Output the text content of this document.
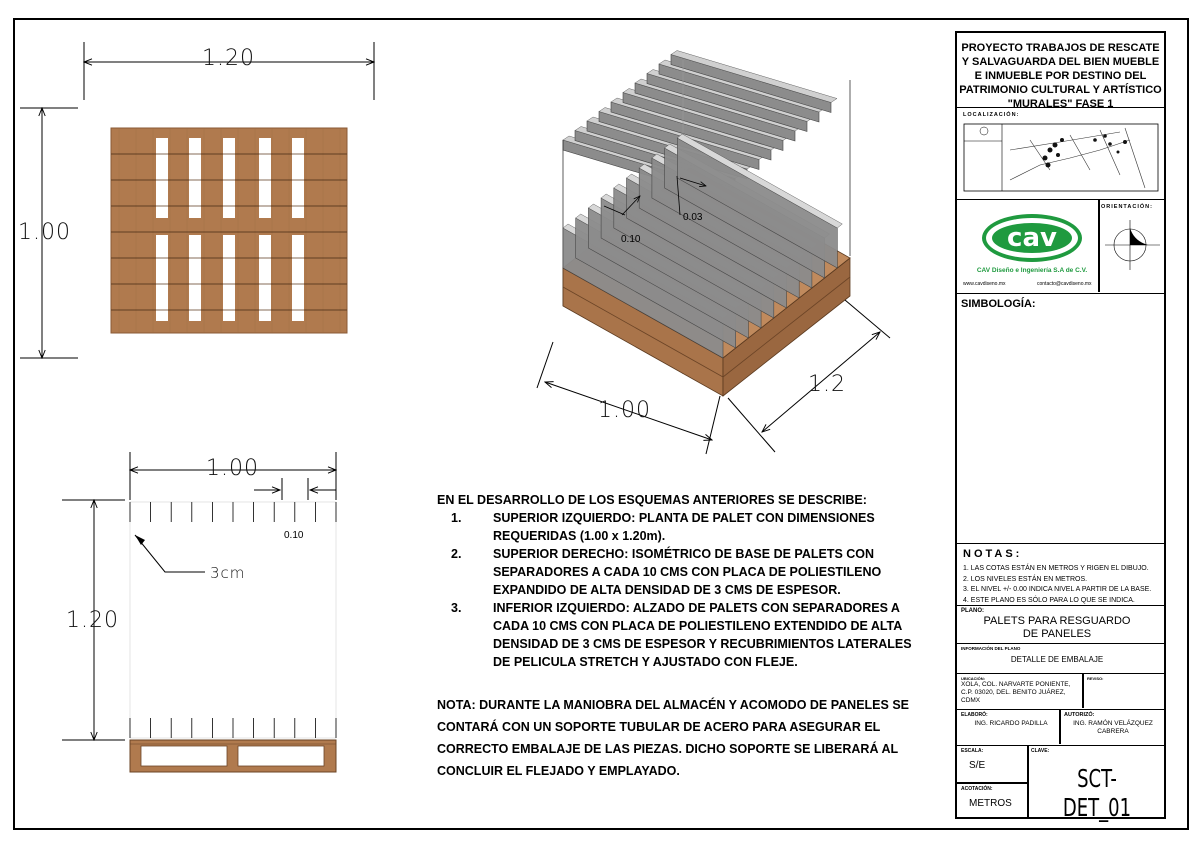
1.20
1.00
1.00
1.2
0.10
0.03
1.00
1.20
0.10
3cm
EN EL DESARROLLO DE LOS ESQUEMAS ANTERIORES SE DESCRIBE:
1.	SUPERIOR IZQUIERDO: PLANTA DE PALET CON DIMENSIONES REQUERIDAS (1.00 x 1.20m).
2.	SUPERIOR DERECHO: ISOMÉTRICO DE BASE DE PALETS CON SEPARADORES A CADA 10 CMS CON PLACA DE POLIESTILENO EXPANDIDO DE ALTA DENSIDAD DE 3 CMS DE ESPESOR.
3.	INFERIOR IZQUIERDO: ALZADO DE PALETS CON SEPARADORES A CADA 10 CMS CON PLACA DE POLIESTILENO EXTENDIDO DE ALTA DENSIDAD DE 3 CMS DE ESPESOR Y RECUBRIMIENTOS LATERALES DE PELICULA STRETCH Y AJUSTADO CON FLEJE.
NOTA: DURANTE LA MANIOBRA DEL ALMACÉN Y ACOMODO DE PANELES SE CONTARÁ CON UN SOPORTE TUBULAR DE ACERO PARA ASEGURAR EL CORRECTO EMBALAJE DE LAS PIEZAS. DICHO SOPORTE SE LIBERARÁ AL CONCLUIR EL FLEJADO Y EMPLAYADO.
PROYECTO TRABAJOS DE RESCATE Y SALVAGUARDA DEL BIEN MUEBLE E INMUEBLE POR DESTINO DEL PATRIMONIO CULTURAL Y ARTÍSTICO "MURALES" FASE 1
LOCALIZACIÓN:
ORIENTACIÓN:
cav
CAV Diseño e Ingeniería S.A de C.V.
www.cavdiseno.mx	contacto@cavdiseno.mx
SIMBOLOGÍA:
NOTAS:
1. LAS COTAS ESTÁN EN METROS Y RIGEN EL DIBUJO.
2. LOS NIVELES ESTÁN EN METROS.
3. EL NIVEL +/- 0.00 INDICA NIVEL A PARTIR DE LA BASE.
4. ESTE PLANO ES SÓLO PARA LO QUE SE INDICA.
PLANO:
PALETS PARA RESGUARDO DE PANELES
INFORMACIÓN DEL PLANO
DETALLE DE EMBALAJE
UBICACIÓN:
XOLA, COL. NARVARTE PONIENTE, C.P. 03020, DEL. BENITO JUÁREZ, CDMX
REVISO:
ELABORÓ:
ING. RICARDO PADILLA
AUTORIZÓ:
ING. RAMÓN VELÁZQUEZ CABRERA
ESCALA:
S/E
ACOTACIÓN:
METROS
CLAVE:
SCT-DET_01
